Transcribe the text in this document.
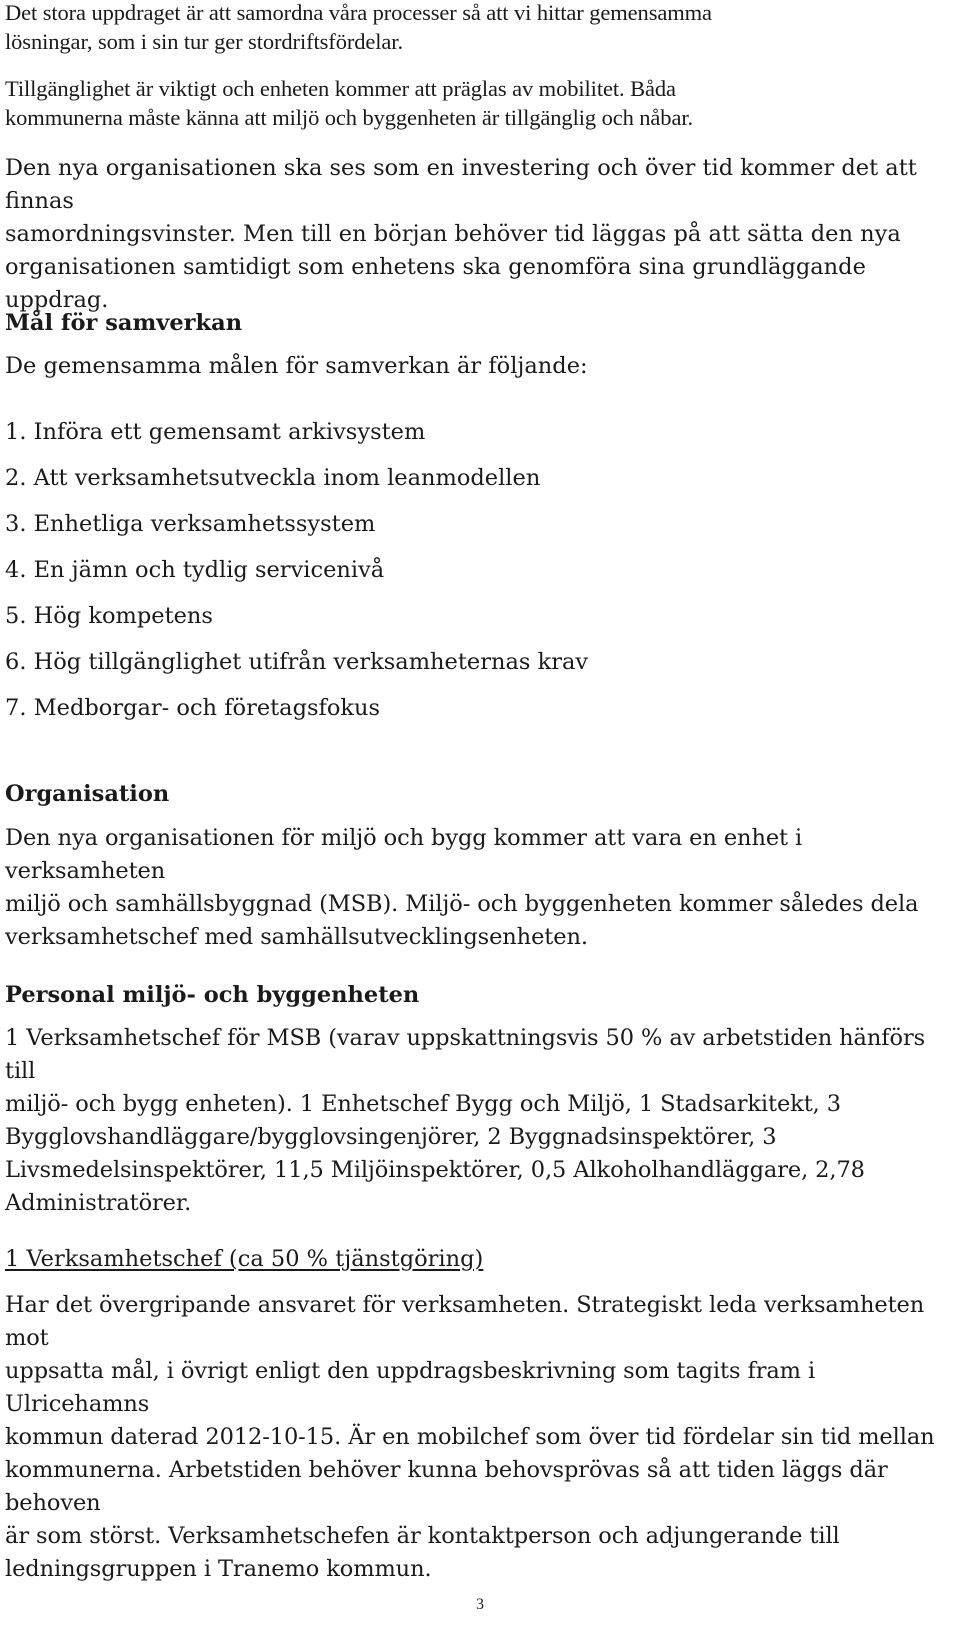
Det stora uppdraget är att samordna våra processer så att vi hittar gemensamma
lösningar, som i sin tur ger stordriftsfördelar.
Tillgänglighet är viktigt och enheten kommer att präglas av mobilitet. Båda
kommunerna måste känna att miljö och byggenheten är tillgänglig och nåbar.
Den nya organisationen ska ses som en investering och över tid kommer det att finnas
samordningsvinster. Men till en början behöver tid läggas på att sätta den nya
organisationen samtidigt som enhetens ska genomföra sina grundläggande uppdrag.
Mål för samverkan
De gemensamma målen för samverkan är följande:
1. Införa ett gemensamt arkivsystem
2. Att verksamhetsutveckla inom leanmodellen
3. Enhetliga verksamhetssystem
4. En jämn och tydlig servicenivå
5. Hög kompetens
6. Hög tillgänglighet utifrån verksamheternas krav
7. Medborgar- och företagsfokus
Organisation
Den nya organisationen för miljö och bygg kommer att vara en enhet i verksamheten
miljö och samhällsbyggnad (MSB). Miljö- och byggenheten kommer således dela
verksamhetschef med samhällsutvecklingsenheten.
Personal miljö- och byggenheten
1 Verksamhetschef för MSB (varav uppskattningsvis 50 % av arbetstiden hänförs till
miljö- och bygg enheten). 1 Enhetschef Bygg och Miljö, 1 Stadsarkitekt, 3
Bygglovshandläggare/bygglovsingenjörer, 2 Byggnadsinspektörer, 3
Livsmedelsinspektörer, 11,5 Miljöinspektörer, 0,5 Alkoholhandläggare, 2,78
Administratörer.
1 Verksamhetschef (ca 50 % tjänstgöring)
Har det övergripande ansvaret för verksamheten. Strategiskt leda verksamheten mot
uppsatta mål, i övrigt enligt den uppdragsbeskrivning som tagits fram i Ulricehamns
kommun daterad 2012-10-15. Är en mobilchef som över tid fördelar sin tid mellan
kommunerna. Arbetstiden behöver kunna behovsprövas så att tiden läggs där behoven
är som störst. Verksamhetschefen är kontaktperson och adjungerande till
ledningsgruppen i Tranemo kommun.
3
